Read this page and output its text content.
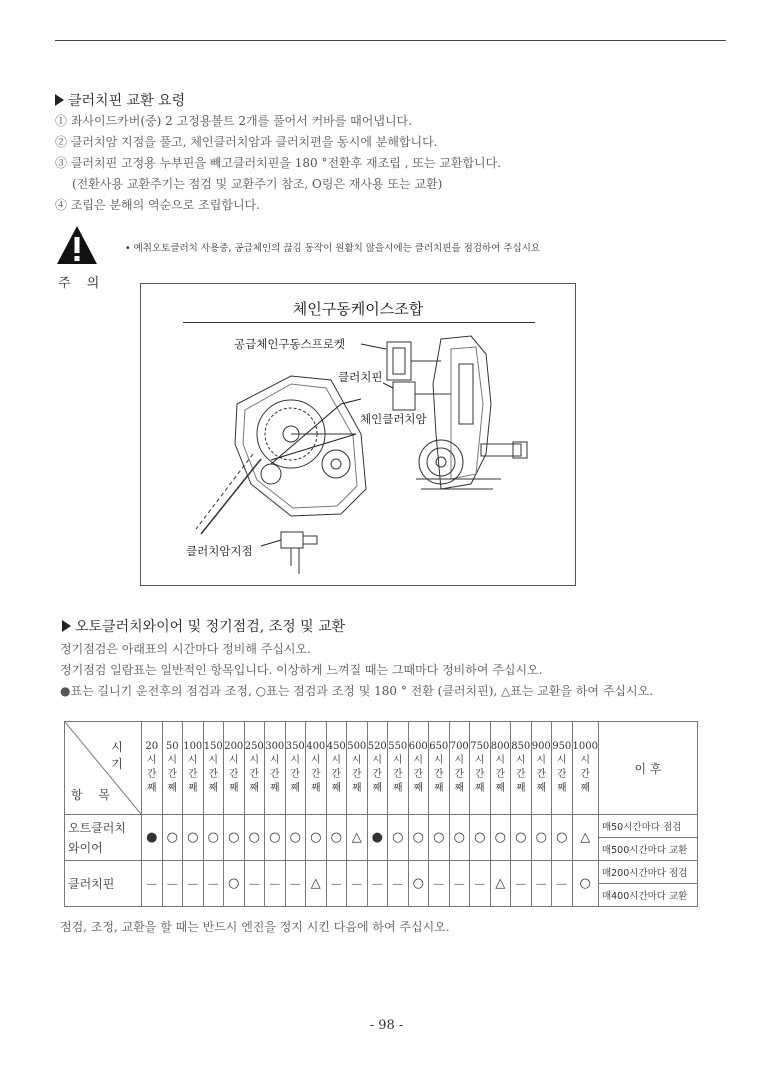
클러치핀 교환 요령
① 좌사이드카버(중) 2 고정용볼트 2개를 풀어서 커바를 때어냅니다.
② 클러치암 지점을 풀고, 체인클러치암과 클러치편을 동시에 분해합니다.
③ 클러치핀 고정용 누부핀을 빼고클러치핀을 180 °전환후 재조립 , 또는 교환합니다.
(전환사용 교환주기는 점검 및 교환주기 참조, O링은 재사용 또는 교환)
④ 조립은 분해의 역순으로 조립합니다.
주 의
• 예취오토클러치 사용중, 공급체인의 끊김 동작이 원활치 않을시에는 클러치핀을 점검하여 주십시요
체인구동케이스조합
공급체인구동스프로켓
클러치핀
체인클러치암
클러치암지점
오토클러치와이어 및 정기점검, 조정 및 교환
정기점검은 아래표의 시간마다 정비해 주십시오.
정기점검 일람표는 일반적인 항목입니다. 이상하게 느껴질 때는 그때마다 정비하여 주십시오.
●표는 길니기 운전후의 점검과 조정, ○표는 점검과 조정 및 180 ° 전환 (클러치핀), △표는 교환을 하여 주십시오.
시 기
항 목	20
시
간
째	50
시
간
째	100
시
간
째	150
시
간
째	200
시
간
째	250
시
간
째	300
시
간
째	350
시
간
째	400
시
간
째	450
시
간
째	500
시
간
째	520
시
간
째	550
시
간
째	600
시
간
째	650
시
간
째	700
시
간
째	750
시
간
째	800
시
간
째	850
시
간
째	900
시
간
째	950
시
간
째	1000
시
간
째	이 후
오트클러치
와이어	●	○	○	○	○	○	○	○	○	○	△	●	○	○	○	○	○	○	○	○	○	△	매50시간마다 점검
																							매500시간마다 교환
클러치핀	－	－	－	－	○	－	－	－	△	－	－	－	－	○	－	－	－	△	－	－	－	○	매200시간마다 점검
																							매400시간마다 교환
점검, 조정, 교환을 할 때는 반드시 엔진을 정지 시킨 다음에 하여 주십시오.
- 98 -
